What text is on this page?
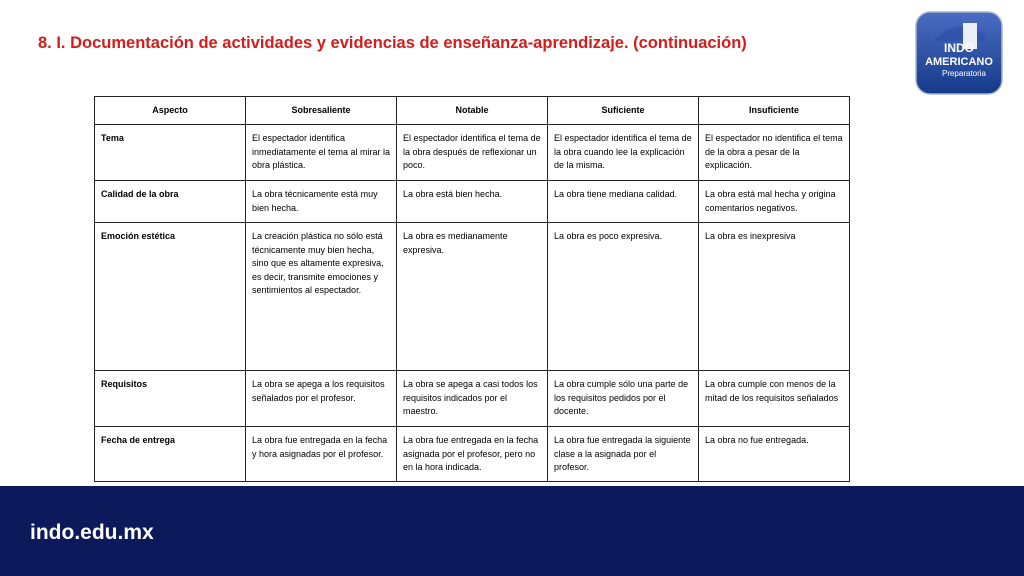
8. I. Documentación de actividades y evidencias de enseñanza-aprendizaje. (continuación)	INDO
AMERICANO
Preparatoria
Aspecto	Sobresaliente	Notable	Suficiente	Insuficiente
Tema	El espectador identifica inmediatamente el tema al mirar la obra plástica.	El espectador identifica el tema de la obra después de reflexionar un poco.	El espectador identifica el tema de la obra cuando lee la explicación de la misma.	El espectador no identifica el tema de la obra a pesar de la explicación.
Calidad de la obra	La obra técnicamente está muy bien hecha.	La obra está bien hecha.	La obra tiene mediana calidad.	La obra está mal hecha y origina comentarios negativos.
Emoción estética	La creación plástica no sólo está técnicamente muy bien hecha, sino que es altamente expresiva, es decir, transmite emociones y sentimientos al espectador.	La obra es medianamente expresiva.	La obra es poco expresiva.	La obra es inexpresiva
Requisitos	La obra se apega a los requisitos señalados por el profesor.	La obra se apega a casi todos los requisitos indicados por el maestro.	La obra cumple sólo una parte de los requisitos pedidos por el docente.	La obra cumple con menos de la mitad de los requisitos señalados
Fecha de entrega	La obra fue entregada en la fecha y hora asignadas por el profesor.	La obra fue entregada en la fecha asignada por el profesor, pero no en la hora indicada.	La obra fue entregada la siguiente clase a la asignada por el profesor.	La obra no fue entregada.
indo.edu.mx
